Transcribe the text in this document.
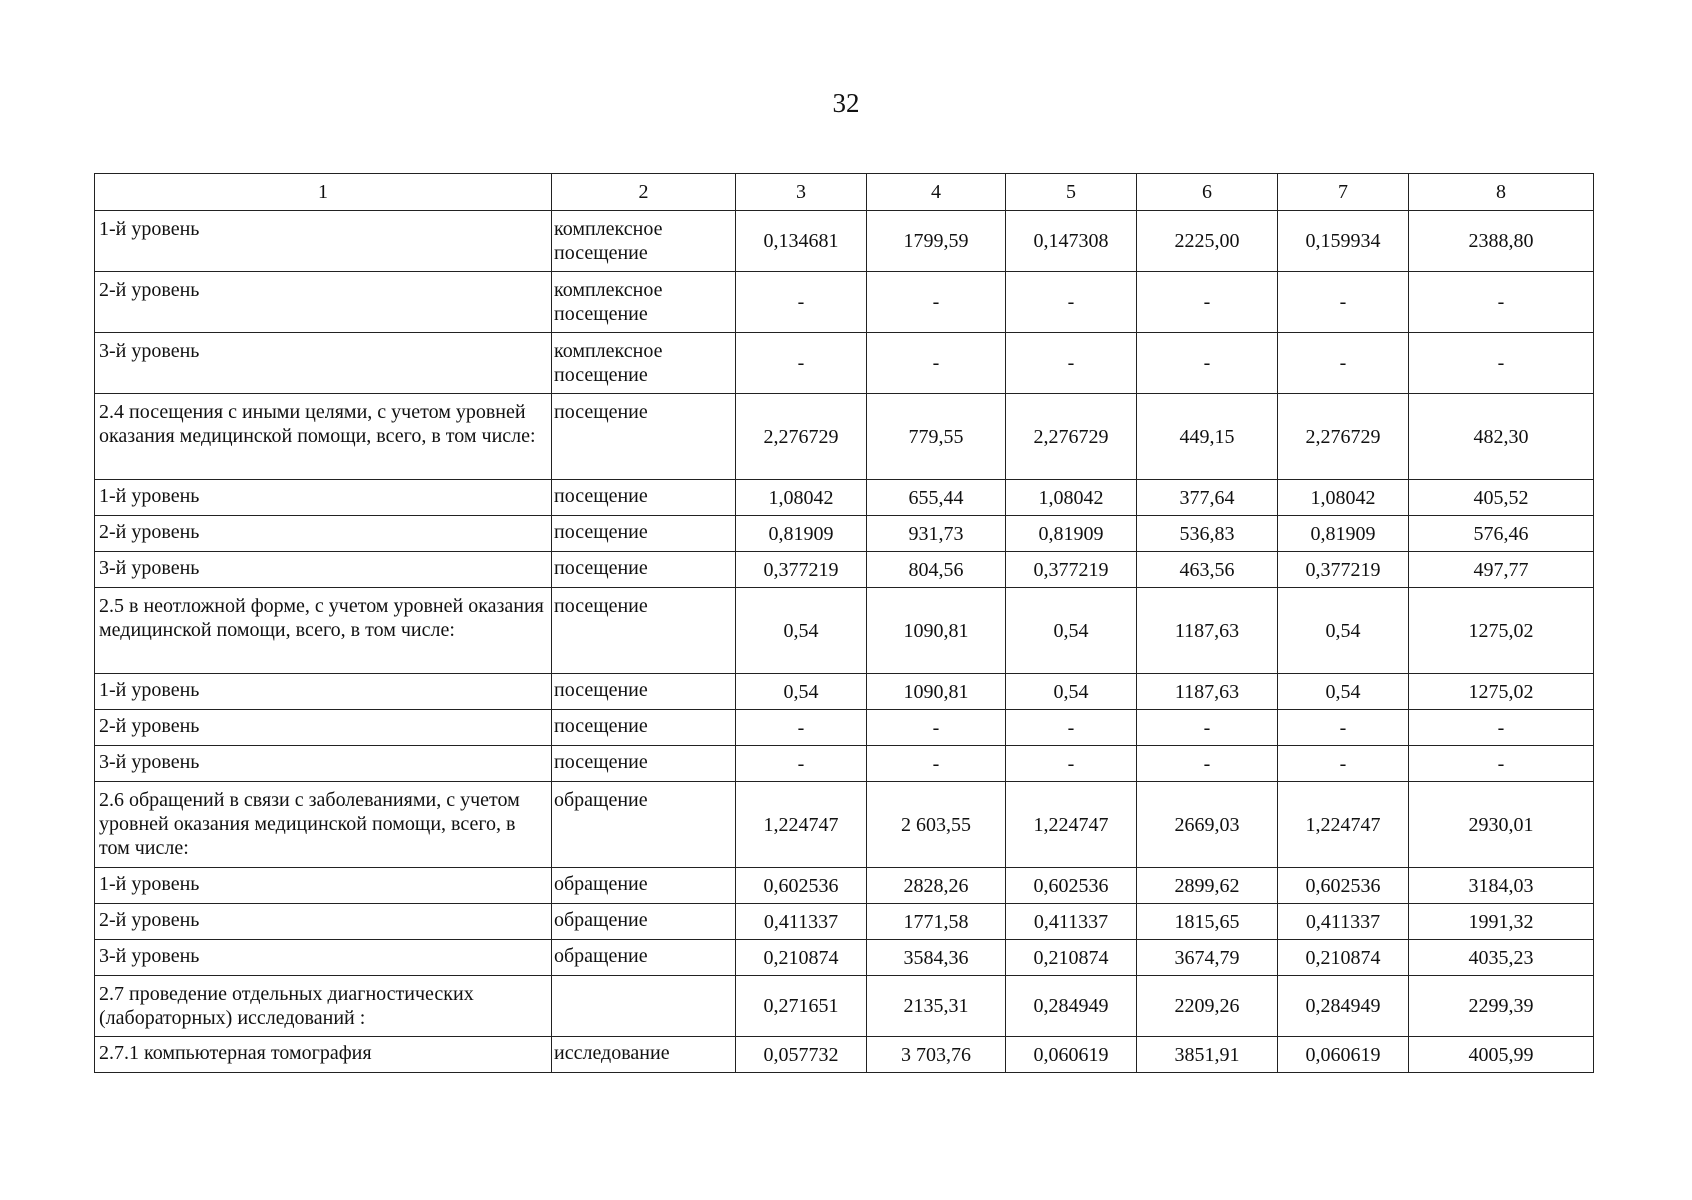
32
1	2	3	4	5	6	7	8
1-й уровень	комплексное посещение	0,134681	1799,59	0,147308	2225,00	0,159934	2388,80
2-й уровень	комплексное посещение	-	-	-	-	-	-
3-й уровень	комплексное посещение	-	-	-	-	-	-
2.4 посещения с иными целями, с учетом уровней оказания медицинской помощи, всего, в том числе:	посещение	2,276729	779,55	2,276729	449,15	2,276729	482,30
1-й уровень	посещение	1,08042	655,44	1,08042	377,64	1,08042	405,52
2-й уровень	посещение	0,81909	931,73	0,81909	536,83	0,81909	576,46
3-й уровень	посещение	0,377219	804,56	0,377219	463,56	0,377219	497,77
2.5 в неотложной форме, с учетом уровней оказания медицинской помощи, всего, в том числе:	посещение	0,54	1090,81	0,54	1187,63	0,54	1275,02
1-й уровень	посещение	0,54	1090,81	0,54	1187,63	0,54	1275,02
2-й уровень	посещение	-	-	-	-	-	-
3-й уровень	посещение	-	-	-	-	-	-
2.6 обращений в связи с заболеваниями, с учетом уровней оказания медицинской помощи, всего, в том числе:	обращение	1,224747	2 603,55	1,224747	2669,03	1,224747	2930,01
1-й уровень	обращение	0,602536	2828,26	0,602536	2899,62	0,602536	3184,03
2-й уровень	обращение	0,411337	1771,58	0,411337	1815,65	0,411337	1991,32
3-й уровень	обращение	0,210874	3584,36	0,210874	3674,79	0,210874	4035,23
2.7 проведение отдельных диагностических (лабораторных) исследований :		0,271651	2135,31	0,284949	2209,26	0,284949	2299,39
2.7.1 компьютерная томография	исследование	0,057732	3 703,76	0,060619	3851,91	0,060619	4005,99
